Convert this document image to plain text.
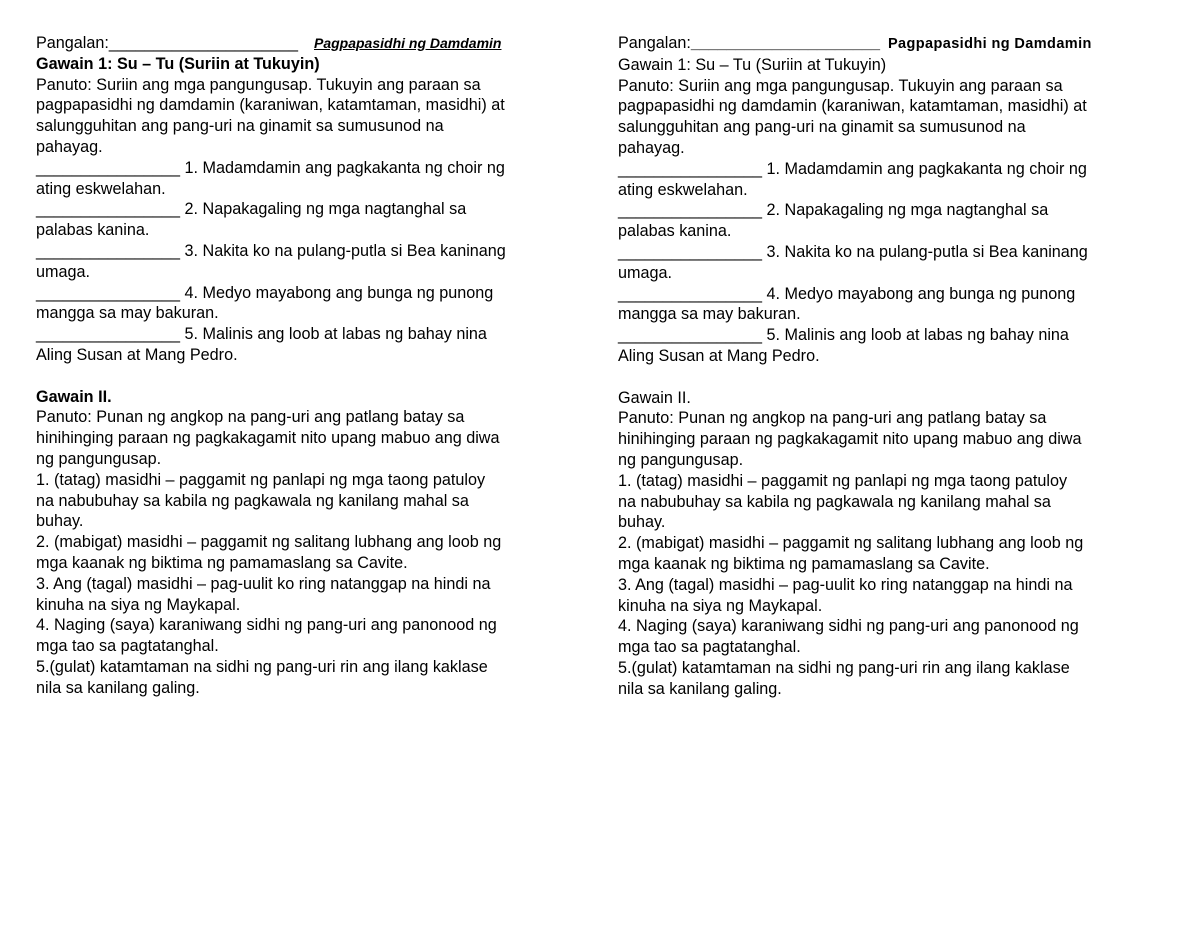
Pangalan: _____________________ Pagpapasidhi ng Damdamin
Gawain 1: Su – Tu (Suriin at Tukuyin)
Panuto: Suriin ang mga pangungusap. Tukuyin ang paraan sa
pagpapasidhi ng damdamin (karaniwan, katamtaman, masidhi) at
salungguhitan ang pang-uri na ginamit sa sumusunod na
pahayag.
________________ 1. Madamdamin ang pagkakanta ng choir ng
ating eskwelahan.
________________ 2. Napakagaling ng mga nagtanghal sa
palabas kanina.
________________ 3. Nakita ko na pulang-putla si Bea kaninang
umaga.
________________ 4. Medyo mayabong ang bunga ng punong
mangga sa may bakuran.
________________ 5. Malinis ang loob at labas ng bahay nina
Aling Susan at Mang Pedro.
Gawain II.
Panuto: Punan ng angkop na pang-uri ang patlang batay sa
hinihinging paraan ng pagkakagamit nito upang mabuo ang diwa
ng pangungusap.
1. (tatag) masidhi – paggamit ng panlapi ng mga taong patuloy
na nabubuhay sa kabila ng pagkawala ng kanilang mahal sa
buhay.
2. (mabigat) masidhi – paggamit ng salitang lubhang ang loob ng
mga kaanak ng biktima ng pamamaslang sa Cavite.
3. Ang (tagal) masidhi – pag-uulit ko ring natanggap na hindi na
kinuha na siya ng Maykapal.
4. Naging (saya) karaniwang sidhi ng pang-uri ang panonood ng
mga tao sa pagtatanghal.
5.(gulat) katamtaman na sidhi ng pang-uri rin ang ilang kaklase
nila sa kanilang galing.
Pangalan: _____________________ Pagpapasidhi ng Damdamin
Gawain 1: Su – Tu (Suriin at Tukuyin)
Panuto: Suriin ang mga pangungusap. Tukuyin ang paraan sa
pagpapasidhi ng damdamin (karaniwan, katamtaman, masidhi) at
salungguhitan ang pang-uri na ginamit sa sumusunod na
pahayag.
________________ 1. Madamdamin ang pagkakanta ng choir ng
ating eskwelahan.
________________ 2. Napakagaling ng mga nagtanghal sa
palabas kanina.
________________ 3. Nakita ko na pulang-putla si Bea kaninang
umaga.
________________ 4. Medyo mayabong ang bunga ng punong
mangga sa may bakuran.
________________ 5. Malinis ang loob at labas ng bahay nina
Aling Susan at Mang Pedro.
Gawain II.
Panuto: Punan ng angkop na pang-uri ang patlang batay sa
hinihinging paraan ng pagkakagamit nito upang mabuo ang diwa
ng pangungusap.
1. (tatag) masidhi – paggamit ng panlapi ng mga taong patuloy
na nabubuhay sa kabila ng pagkawala ng kanilang mahal sa
buhay.
2. (mabigat) masidhi – paggamit ng salitang lubhang ang loob ng
mga kaanak ng biktima ng pamamaslang sa Cavite.
3. Ang (tagal) masidhi – pag-uulit ko ring natanggap na hindi na
kinuha na siya ng Maykapal.
4. Naging (saya) karaniwang sidhi ng pang-uri ang panonood ng
mga tao sa pagtatanghal.
5.(gulat) katamtaman na sidhi ng pang-uri rin ang ilang kaklase
nila sa kanilang galing.
